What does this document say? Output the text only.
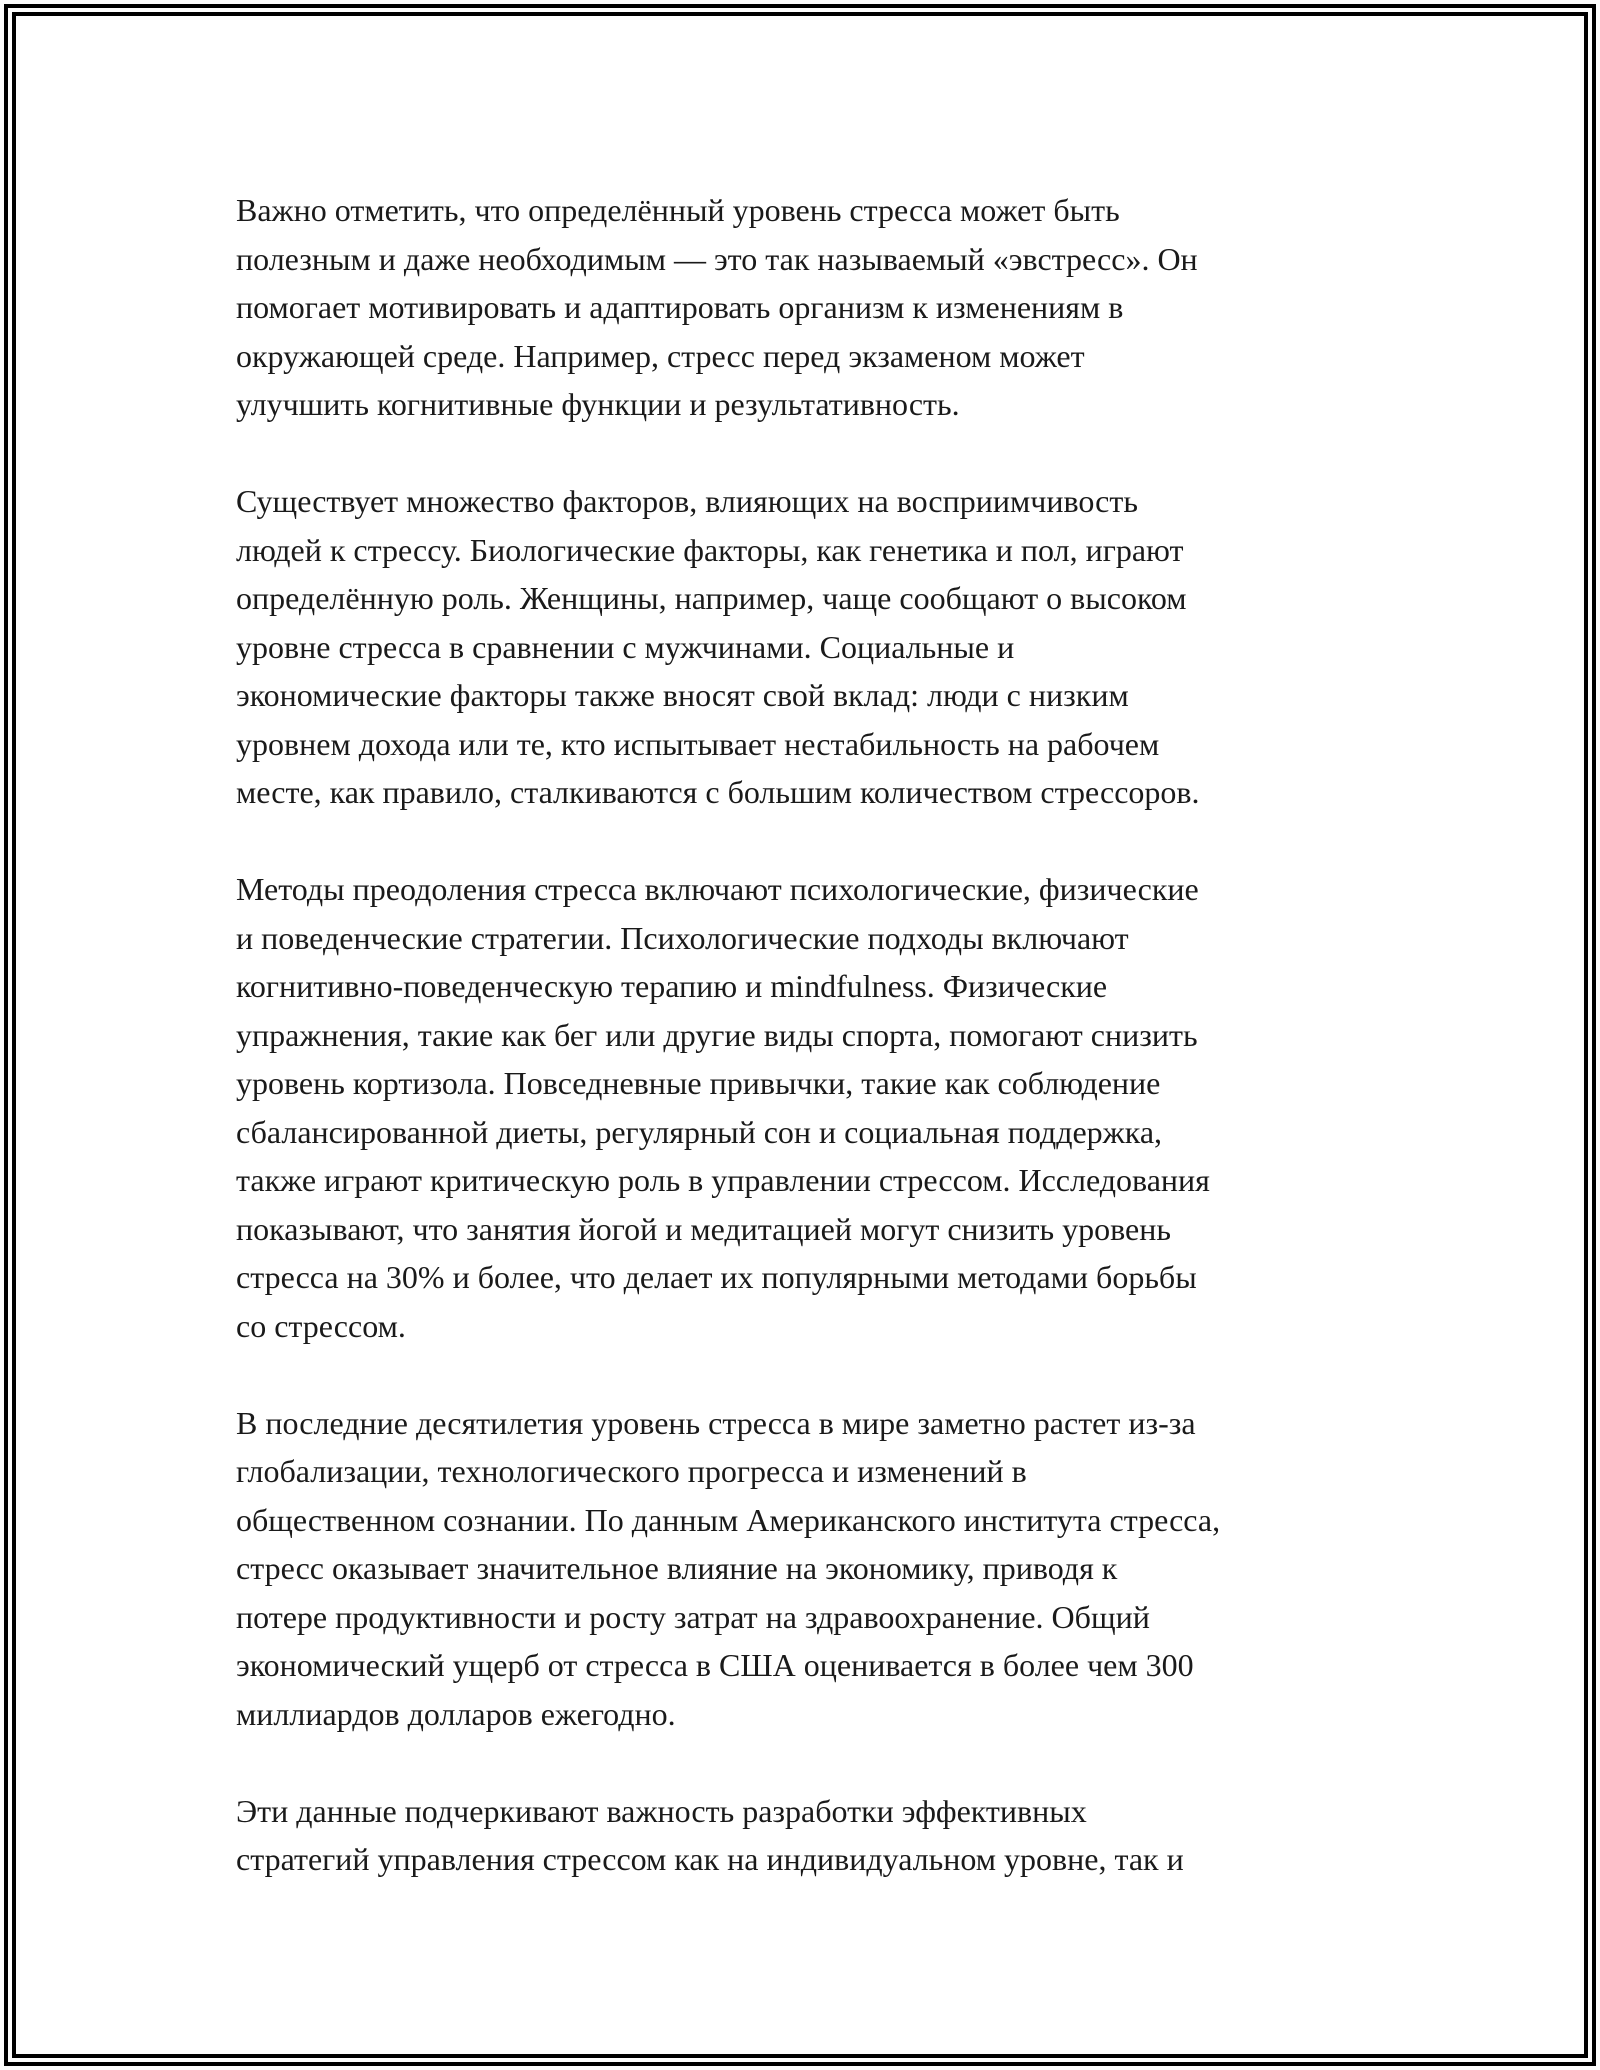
Важно отметить, что определённый уровень стресса может быть
полезным и даже необходимым — это так называемый «эвстресс». Он
помогает мотивировать и адаптировать организм к изменениям в
окружающей среде. Например, стресс перед экзаменом может
улучшить когнитивные функции и результативность.

Существует множество факторов, влияющих на восприимчивость
людей к стрессу. Биологические факторы, как генетика и пол, играют
определённую роль. Женщины, например, чаще сообщают о высоком
уровне стресса в сравнении с мужчинами. Социальные и
экономические факторы также вносят свой вклад: люди с низким
уровнем дохода или те, кто испытывает нестабильность на рабочем
месте, как правило, сталкиваются с большим количеством стрессоров.

Методы преодоления стресса включают психологические, физические
и поведенческие стратегии. Психологические подходы включают
когнитивно-поведенческую терапию и mindfulness. Физические
упражнения, такие как бег или другие виды спорта, помогают снизить
уровень кортизола. Повседневные привычки, такие как соблюдение
сбалансированной диеты, регулярный сон и социальная поддержка,
также играют критическую роль в управлении стрессом. Исследования
показывают, что занятия йогой и медитацией могут снизить уровень
стресса на 30% и более, что делает их популярными методами борьбы
со стрессом.

В последние десятилетия уровень стресса в мире заметно растет из-за
глобализации, технологического прогресса и изменений в
общественном сознании. По данным Американского института стресса,
стресс оказывает значительное влияние на экономику, приводя к
потере продуктивности и росту затрат на здравоохранение. Общий
экономический ущерб от стресса в США оценивается в более чем 300
миллиардов долларов ежегодно.

Эти данные подчеркивают важность разработки эффективных
стратегий управления стрессом как на индивидуальном уровне, так и
